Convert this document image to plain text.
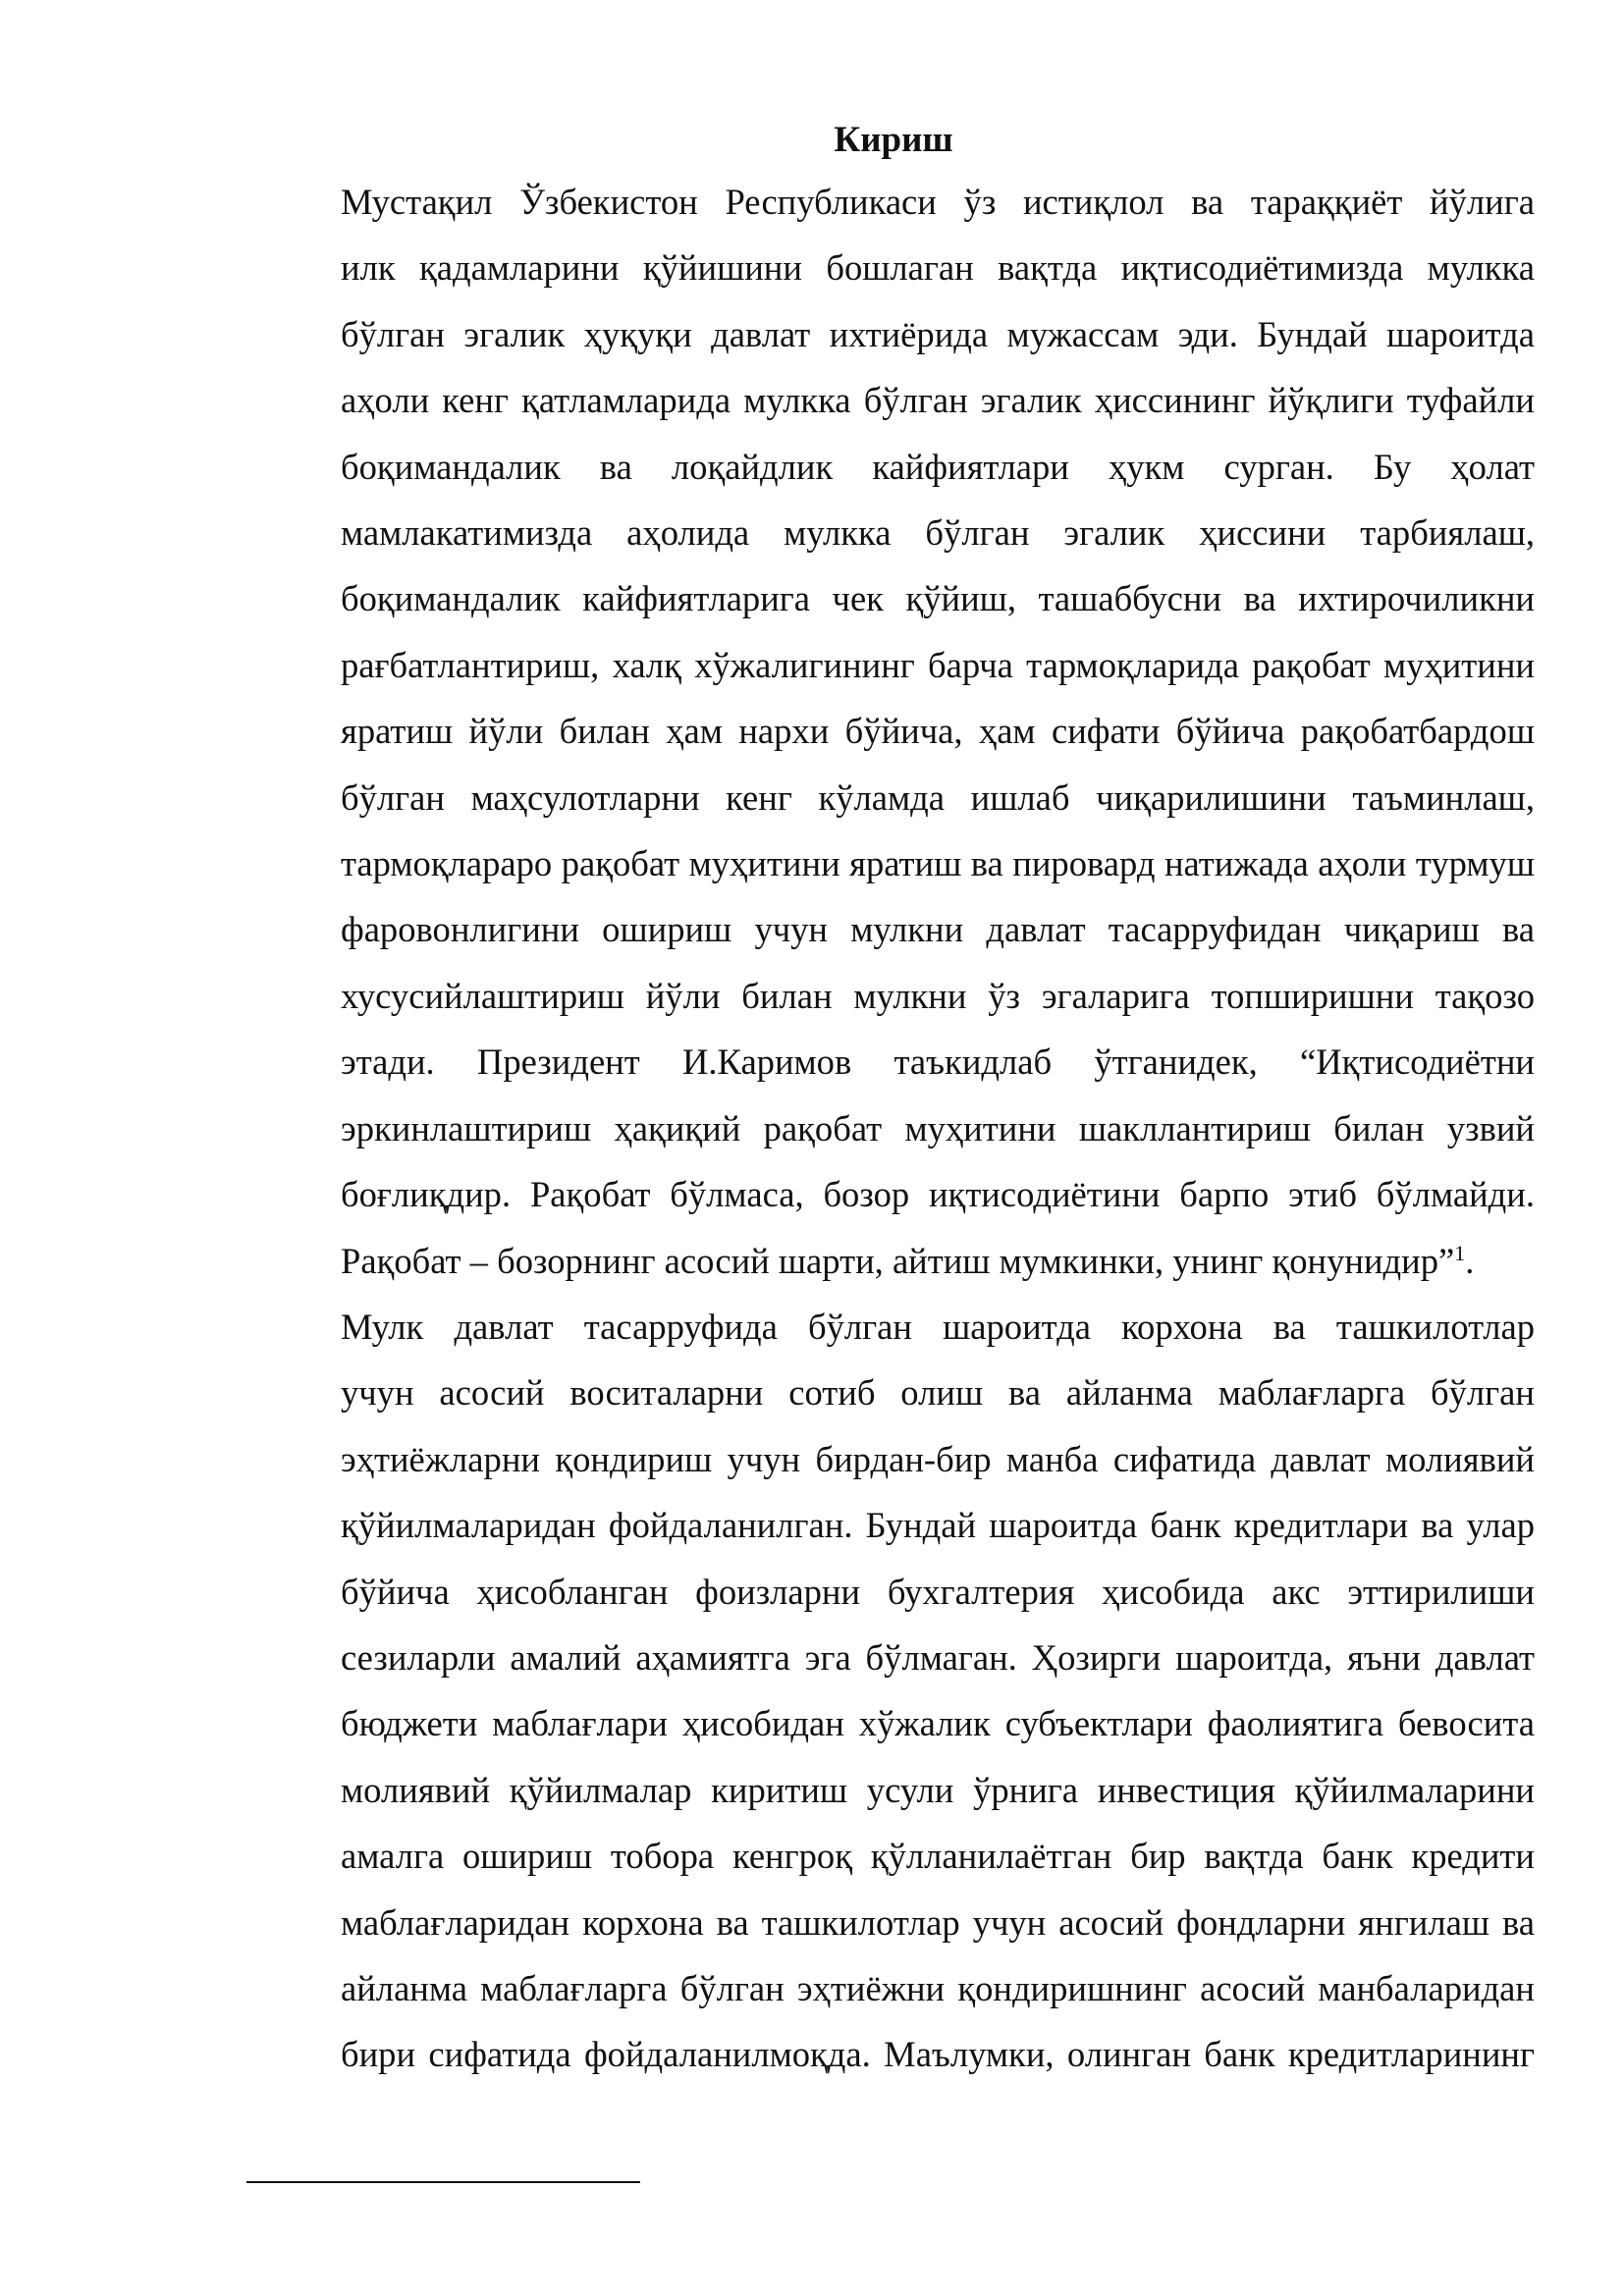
Кириш

Мустақил Ўзбекистон Республикаси ўз истиқлол ва тараққиёт йўлига
илк қадамларини қўйишини бошлаган вақтда иқтисодиётимизда мулкка
бўлган эгалик ҳуқуқи давлат ихтиёрида мужассам эди. Бундай шароитда
аҳоли кенг қатламларида мулкка бўлган эгалик ҳиссининг йўқлиги туфайли
боқимандалик ва лоқайдлик кайфиятлари ҳукм сурган. Бу ҳолат
мамлакатимизда аҳолида мулкка бўлган эгалик ҳиссини тарбиялаш,
боқимандалик кайфиятларига чек қўйиш, ташаббусни ва ихтирочиликни
рағбатлантириш, халқ хўжалигининг барча тармоқларида рақобат муҳитини
яратиш йўли билан ҳам нархи бўйича, ҳам сифати бўйича рақобатбардош
бўлган маҳсулотларни кенг кўламда ишлаб чиқарилишини таъминлаш,
тармоқлараро рақобат муҳитини яратиш ва пировард натижада аҳоли турмуш
фаровонлигини ошириш учун мулкни давлат тасарруфидан чиқариш ва
хусусийлаштириш йўли билан мулкни ўз эгаларига топширишни тақозо
этади. Президент И.Каримов таъкидлаб ўтганидек, “Иқтисодиётни
эркинлаштириш ҳақиқий рақобат муҳитини шакллантириш билан узвий
боғлиқдир. Рақобат бўлмаса, бозор иқтисодиётини барпо этиб бўлмайди.
Рақобат – бозорнинг асосий шарти, айтиш мумкинки, унинг қонунидир”$^1$.

Мулк давлат тасарруфида бўлган шароитда корхона ва ташкилотлар
учун асосий воситаларни сотиб олиш ва айланма маблағларга бўлган
эҳтиёжларни қондириш учун бирдан-бир манба сифатида давлат молиявий
қўйилмаларидан фойдаланилган. Бундай шароитда банк кредитлари ва улар
бўйича ҳисобланган фоизларни бухгалтерия ҳисобида акс эттирилиши
сезиларли амалий аҳамиятга эга бўлмаган. Ҳозирги шароитда, яъни давлат
бюджети маблағлари ҳисобидан хўжалик субъектлари фаолиятига бевосита
молиявий қўйилмалар киритиш усули ўрнига инвестиция қўйилмаларини
амалга ошириш тобора кенгроқ қўлланилаётган бир вақтда банк кредити
маблағларидан корхона ва ташкилотлар учун асосий фондларни янгилаш ва
айланма маблағларга бўлган эҳтиёжни қондиришнинг асосий манбаларидан
бири сифатида фойдаланилмоқда. Маълумки, олинган банк кредитларининг
